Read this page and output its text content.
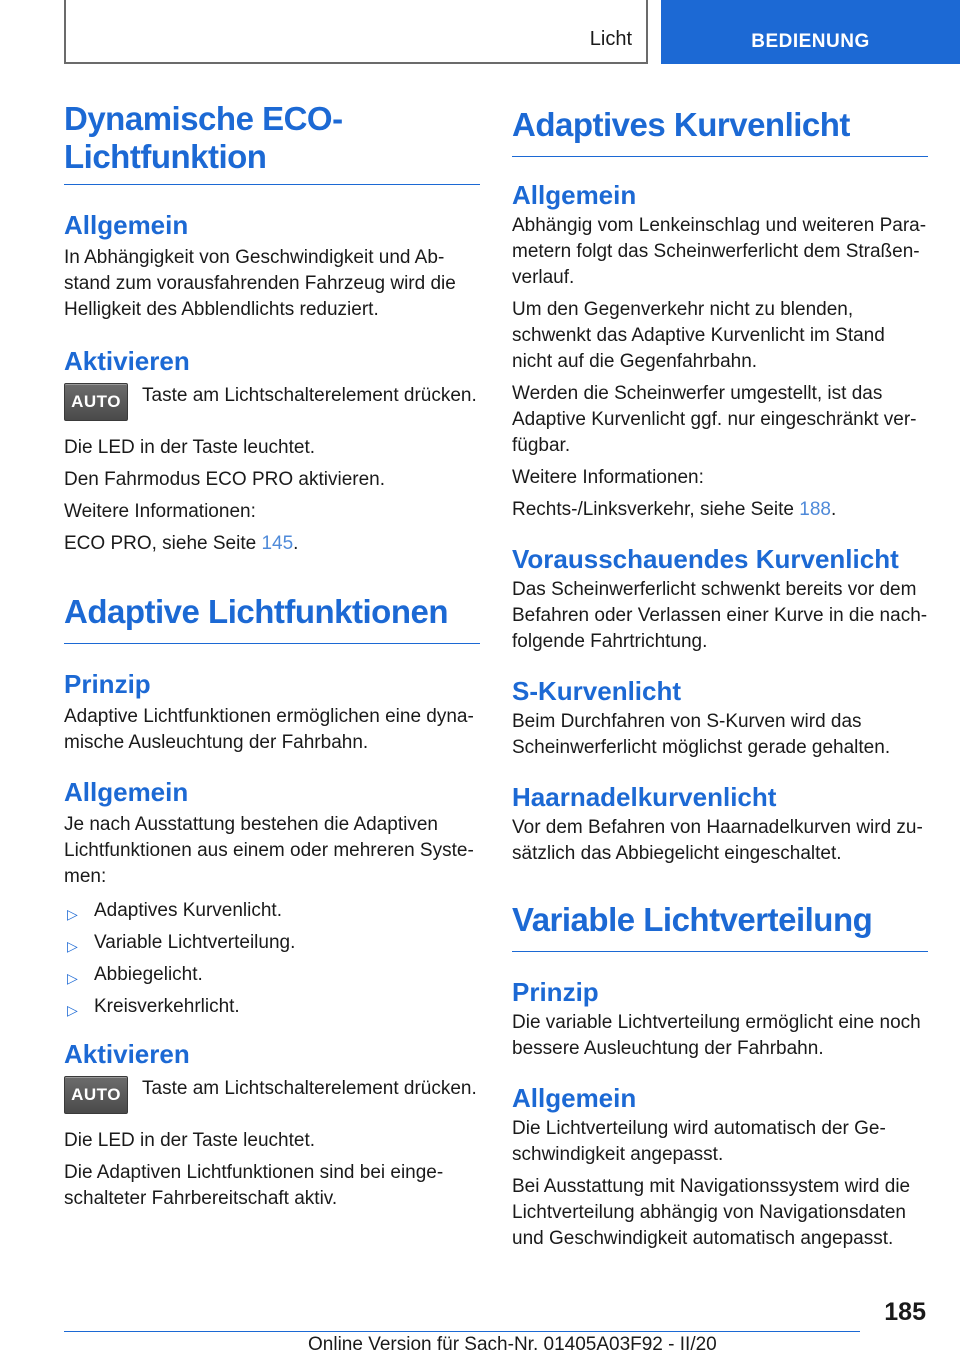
Licht	BEDIENUNG
Dynamische ECO-Lichtfunktion
Allgemein

In Abhängigkeit von Geschwindigkeit und Abstand zum vorausfahrenden Fahrzeug wird die Helligkeit des Abblendlichts reduziert.

Aktivieren
AUTO	Taste am Lichtschalterelement drücken.

Die LED in der Taste leuchtet.

Den Fahrmodus ECO PRO aktivieren.

Weitere Informationen:

ECO PRO, siehe Seite 145.

Adaptive Lichtfunktionen
Prinzip

Adaptive Lichtfunktionen ermöglichen eine dynamische Ausleuchtung der Fahrbahn.

Allgemein

Je nach Ausstattung bestehen die Adaptiven Lichtfunktionen aus einem oder mehreren Systemen:

▷ Adaptives Kurvenlicht.
▷ Variable Lichtverteilung.
▷ Abbiegelicht.
▷ Kreisverkehrlicht.
Aktivieren
AUTO	Taste am Lichtschalterelement drücken.

Die LED in der Taste leuchtet.

Die Adaptiven Lichtfunktionen sind bei eingeschalteter Fahrbereitschaft aktiv.

Adaptives Kurvenlicht
Allgemein

Abhängig vom Lenkeinschlag und weiteren Parametern folgt das Scheinwerferlicht dem Straßenverlauf.

Um den Gegenverkehr nicht zu blenden, schwenkt das Adaptive Kurvenlicht im Stand nicht auf die Gegenfahrbahn.

Werden die Scheinwerfer umgestellt, ist das Adaptive Kurvenlicht ggf. nur eingeschränkt verfügbar.

Weitere Informationen:

Rechts-/Linksverkehr, siehe Seite 188.

Vorausschauendes Kurvenlicht

Das Scheinwerferlicht schwenkt bereits vor dem Befahren oder Verlassen einer Kurve in die nachfolgende Fahrtrichtung.

S-Kurvenlicht

Beim Durchfahren von S-Kurven wird das Scheinwerferlicht möglichst gerade gehalten.

Haarnadelkurvenlicht

Vor dem Befahren von Haarnadelkurven wird zusätzlich das Abbiegelicht eingeschaltet.

Variable Lichtverteilung
Prinzip

Die variable Lichtverteilung ermöglicht eine noch bessere Ausleuchtung der Fahrbahn.

Allgemein

Die Lichtverteilung wird automatisch der Geschwindigkeit angepasst.

Bei Ausstattung mit Navigationssystem wird die Lichtverteilung abhängig von Navigationsdaten und Geschwindigkeit automatisch angepasst.

185
Online Version für Sach-Nr. 01405A03F92 - II/20
